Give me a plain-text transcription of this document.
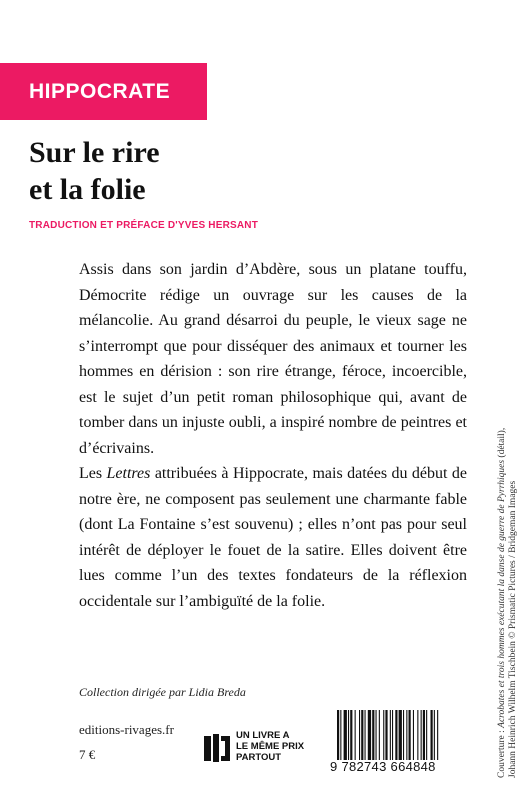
HIPPOCRATE
Sur le rire
et la folie
TRADUCTION ET PRÉFACE D'YVES HERSANT

Assis dans son jardin d’Abdère, sous un platane touffu, Démocrite rédige un ouvrage sur les causes de la mélancolie. Au grand désarroi du peuple, le vieux sage ne s’interrompt que pour disséquer des animaux et tourner les hommes en dérision : son rire étrange, féroce, incoercible, est le sujet d’un petit roman philosophique qui, avant de tomber dans un injuste oubli, a inspiré nombre de peintres et d’écrivains.

Les Lettres attribuées à Hippocrate, mais datées du début de notre ère, ne composent pas seulement une charmante fable (dont La Fontaine s’est souvenu) ; elles n’ont pas pour seul intérêt de déployer le fouet de la satire. Elles doivent être lues comme l’un des textes fondateurs de la réflexion occidentale sur l’ambiguïté de la folie.

Collection dirigée par Lidia Breda
editions-rivages.fr
7 €
UN LIVRE A
LE MÊME PRIX
PARTOUT
9 782743 664848	Couverture : Acrobates et trois hommes exécutant la danse de guerre de Pyrrhiques (détail),
Johann Heinrich Wilhelm Tischbein © Prismatic Pictures / Bridgeman Images
